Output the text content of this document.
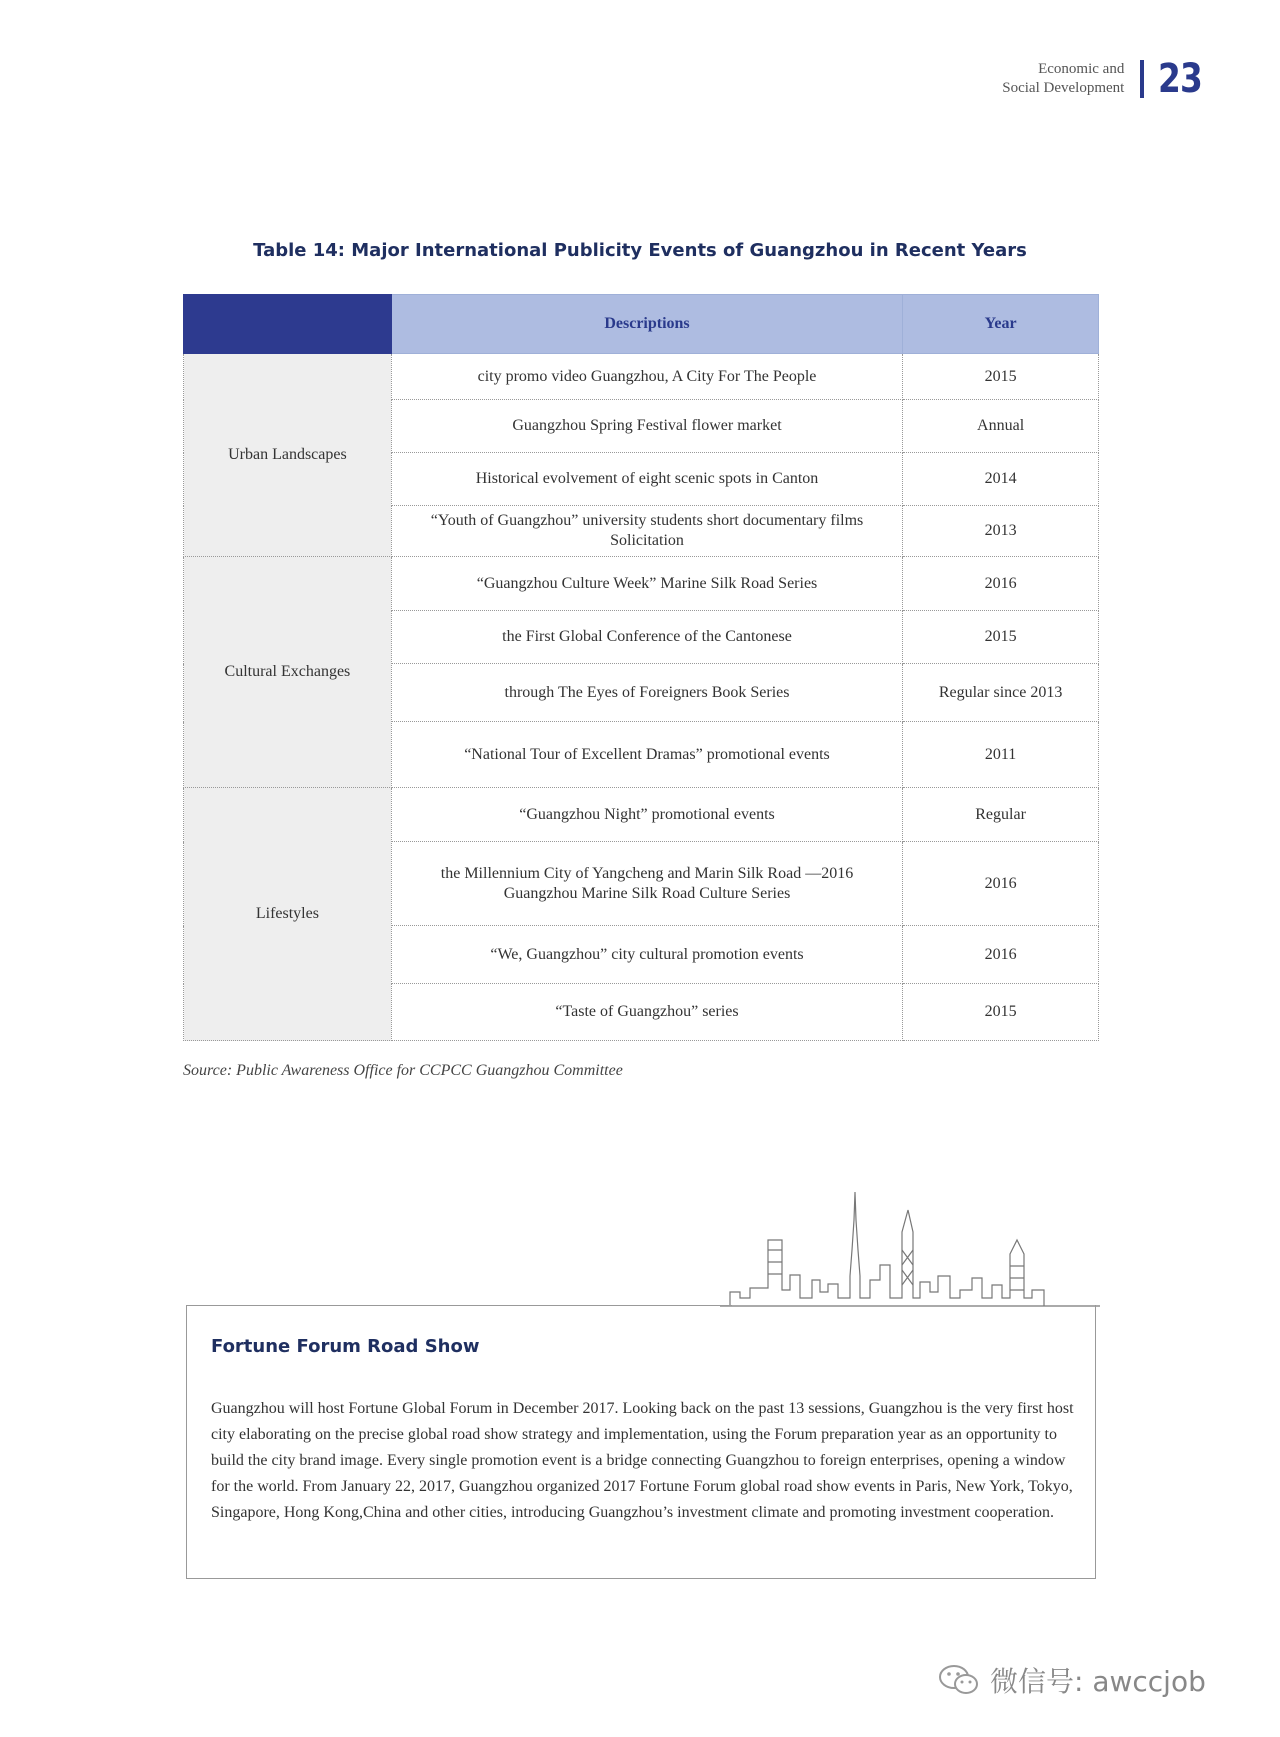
Economic and
Social Development 23
Table 14: Major International Publicity Events of Guangzhou in Recent Years
	Descriptions	Year
Urban Landscapes	city promo video Guangzhou, A City For The People	2015
	Guangzhou Spring Festival flower market	Annual
	Historical evolvement of eight scenic spots in Canton	2014
	“Youth of Guangzhou” university students short documentary films Solicitation	2013
Cultural Exchanges	“Guangzhou Culture Week” Marine Silk Road Series	2016
	the First Global Conference of the Cantonese	2015
	through The Eyes of Foreigners Book Series	Regular since 2013
	“National Tour of Excellent Dramas” promotional events	2011
Lifestyles	“Guangzhou Night” promotional events	Regular
	the Millennium City of Yangcheng and Marin Silk Road —2016 Guangzhou Marine Silk Road Culture Series	2016
	“We, Guangzhou” city cultural promotion events	2016
	“Taste of Guangzhou” series	2015
Source: Public Awareness Office for CCPCC Guangzhou Committee
Fortune Forum Road Show
Guangzhou will host Fortune Global Forum in December 2017. Looking back on the past 13 sessions, Guangzhou is the very first host city elaborating on the precise global road show strategy and implementation, using the Forum preparation year as an opportunity to build the city brand image. Every single promotion event is a bridge connecting Guangzhou to foreign enterprises, opening a window for the world. From January 22, 2017, Guangzhou organized 2017 Fortune Forum global road show events in Paris, New York, Tokyo, Singapore, Hong Kong,China and other cities, introducing Guangzhou’s investment climate and promoting investment cooperation.
微信号: awccjob
